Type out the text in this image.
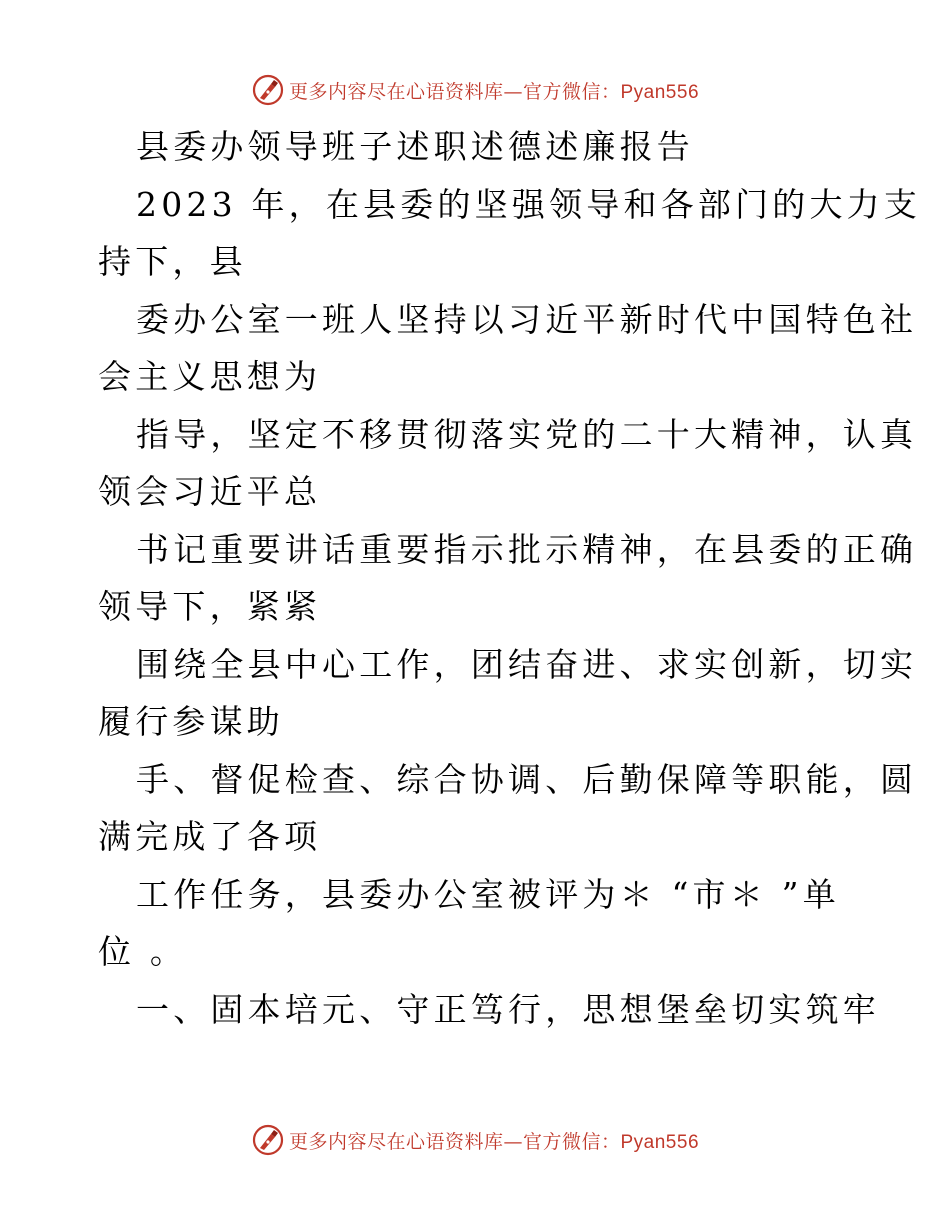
更多内容尽在心语资料库—官方微信：Pyan556
县委办领导班子述职述德述廉报告
2023 年，在县委的坚强领导和各部门的大力支
持下，县
委办公室一班人坚持以习近平新时代中国特色社
会主义思想为
指导，坚定不移贯彻落实党的二十大精神，认真
领会习近平总
书记重要讲话重要指示批示精神，在县委的正确
领导下，紧紧
围绕全县中心工作，团结奋进、求实创新，切实
履行参谋助
手、督促检查、综合协调、后勤保障等职能，圆
满完成了各项
工作任务，县委办公室被评为＊ “市＊ ”单
位 。
一、固本培元、守正笃行，思想堡垒切实筑牢
更多内容尽在心语资料库—官方微信：Pyan556
